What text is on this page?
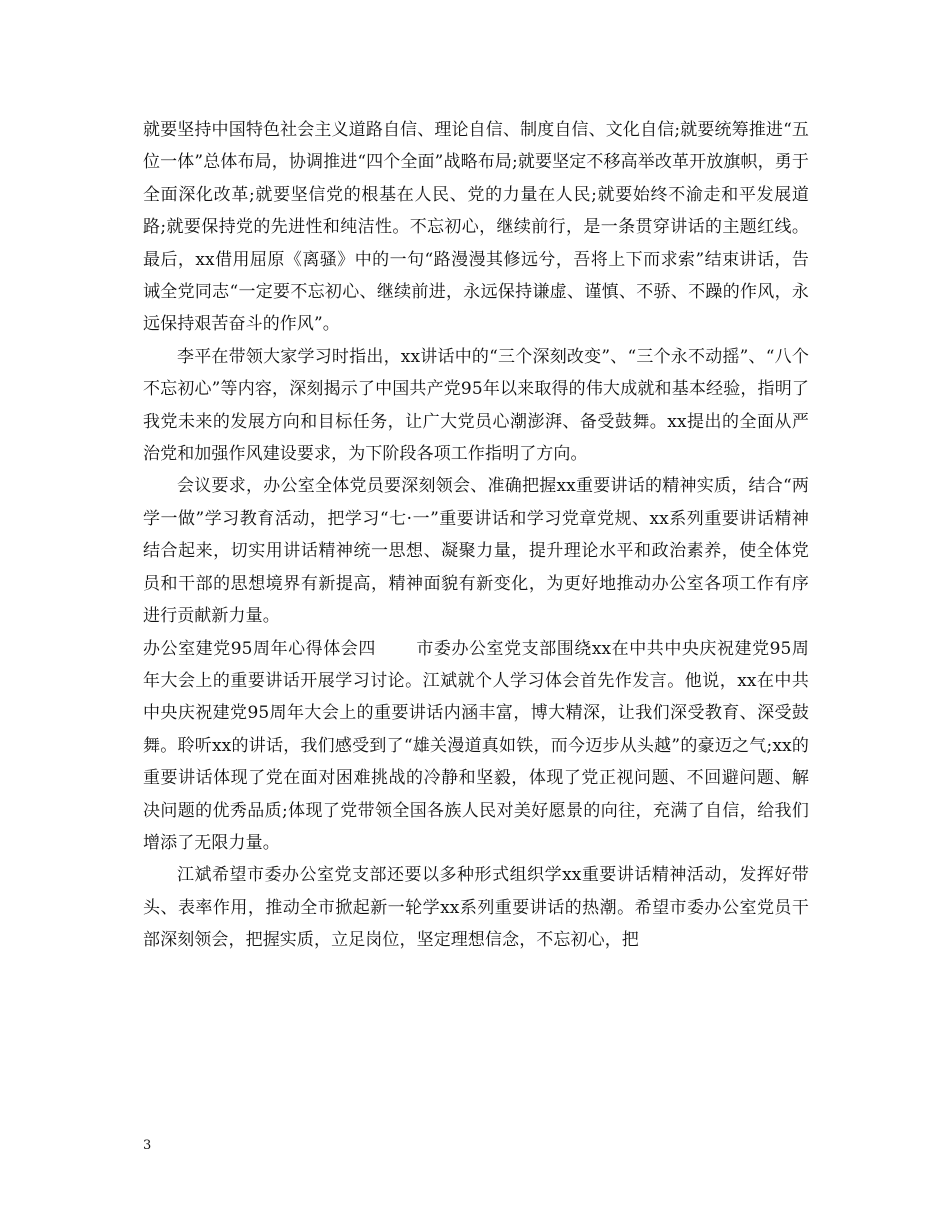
就要坚持中国特色社会主义道路自信、理论自信、制度自信、文化自信;就要统筹推进“五位一体”总体布局，协调推进“四个全面”战略布局;就要坚定不移高举改革开放旗帜，勇于全面深化改革;就要坚信党的根基在人民、党的力量在人民;就要始终不渝走和平发展道路;就要保持党的先进性和纯洁性。不忘初心，继续前行，是一条贯穿讲话的主题红线。最后，xx借用屈原《离骚》中的一句“路漫漫其修远兮，吾将上下而求索”结束讲话，告诫全党同志“一定要不忘初心、继续前进，永远保持谦虚、谨慎、不骄、不躁的作风，永远保持艰苦奋斗的作风”。

李平在带领大家学习时指出，xx讲话中的“三个深刻改变”、“三个永不动摇”、“八个不忘初心”等内容，深刻揭示了中国共产党95年以来取得的伟大成就和基本经验，指明了我党未来的发展方向和目标任务，让广大党员心潮澎湃、备受鼓舞。xx提出的全面从严治党和加强作风建设要求，为下阶段各项工作指明了方向。

会议要求，办公室全体党员要深刻领会、准确把握xx重要讲话的精神实质，结合“两学一做”学习教育活动，把学习“七·一”重要讲话和学习党章党规、xx系列重要讲话精神结合起来，切实用讲话精神统一思想、凝聚力量，提升理论水平和政治素养，使全体党员和干部的思想境界有新提高，精神面貌有新变化，为更好地推动办公室各项工作有序进行贡献新力量。

办公室建党95周年心得体会四 市委办公室党支部围绕xx在中共中央庆祝建党95周年大会上的重要讲话开展学习讨论。江斌就个人学习体会首先作发言。他说，xx在中共中央庆祝建党95周年大会上的重要讲话内涵丰富，博大精深，让我们深受教育、深受鼓舞。聆听xx的讲话，我们感受到了“雄关漫道真如铁，而今迈步从头越”的豪迈之气;xx的重要讲话体现了党在面对困难挑战的冷静和坚毅，体现了党正视问题、不回避问题、解决问题的优秀品质;体现了党带领全国各族人民对美好愿景的向往，充满了自信，给我们增添了无限力量。

江斌希望市委办公室党支部还要以多种形式组织学xx重要讲话精神活动，发挥好带头、表率作用，推动全市掀起新一轮学xx系列重要讲话的热潮。希望市委办公室党员干部深刻领会，把握实质，立足岗位，坚定理想信念，不忘初心，把

3
